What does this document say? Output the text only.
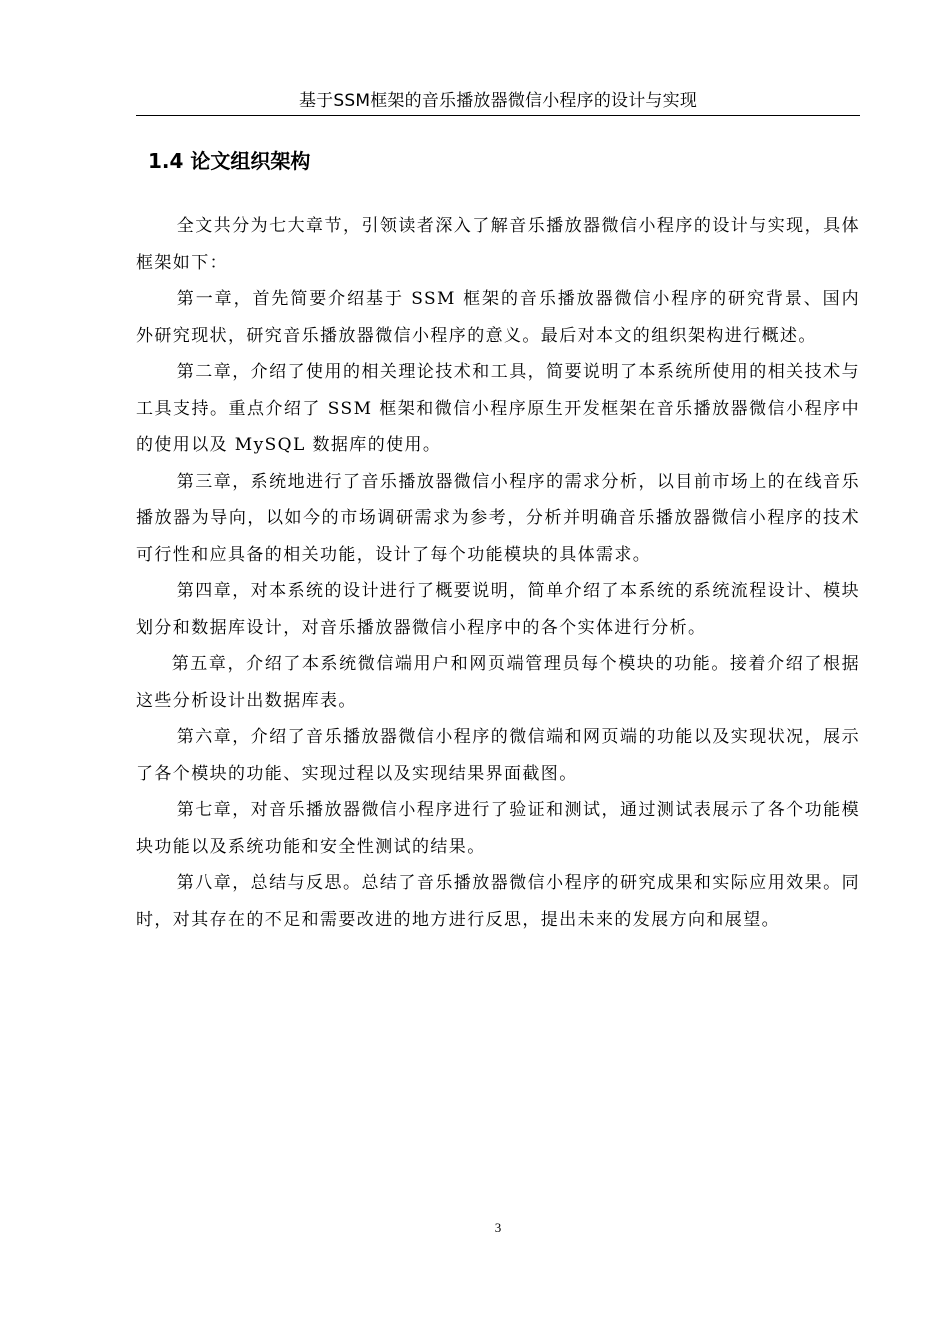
基于SSM框架的音乐播放器微信小程序的设计与实现
1.4 论文组织架构

全文共分为七大章节，引领读者深入了解音乐播放器微信小程序的设计与实现，具体框架如下：

第一章，首先简要介绍基于 SSM 框架的音乐播放器微信小程序的研究背景、国内外研究现状，研究音乐播放器微信小程序的意义。最后对本文的组织架构进行概述。

第二章，介绍了使用的相关理论技术和工具，简要说明了本系统所使用的相关技术与工具支持。重点介绍了 SSM 框架和微信小程序原生开发框架在音乐播放器微信小程序中的使用以及 MySQL 数据库的使用。

第三章，系统地进行了音乐播放器微信小程序的需求分析，以目前市场上的在线音乐播放器为导向，以如今的市场调研需求为参考，分析并明确音乐播放器微信小程序的技术可行性和应具备的相关功能，设计了每个功能模块的具体需求。

第四章，对本系统的设计进行了概要说明，简单介绍了本系统的系统流程设计、模块划分和数据库设计，对音乐播放器微信小程序中的各个实体进行分析。

第五章，介绍了本系统微信端用户和网页端管理员每个模块的功能。接着介绍了根据这些分析设计出数据库表。

第六章，介绍了音乐播放器微信小程序的微信端和网页端的功能以及实现状况，展示了各个模块的功能、实现过程以及实现结果界面截图。

第七章，对音乐播放器微信小程序进行了验证和测试，通过测试表展示了各个功能模块功能以及系统功能和安全性测试的结果。

第八章，总结与反思。总结了音乐播放器微信小程序的研究成果和实际应用效果。同时，对其存在的不足和需要改进的地方进行反思，提出未来的发展方向和展望。

3
